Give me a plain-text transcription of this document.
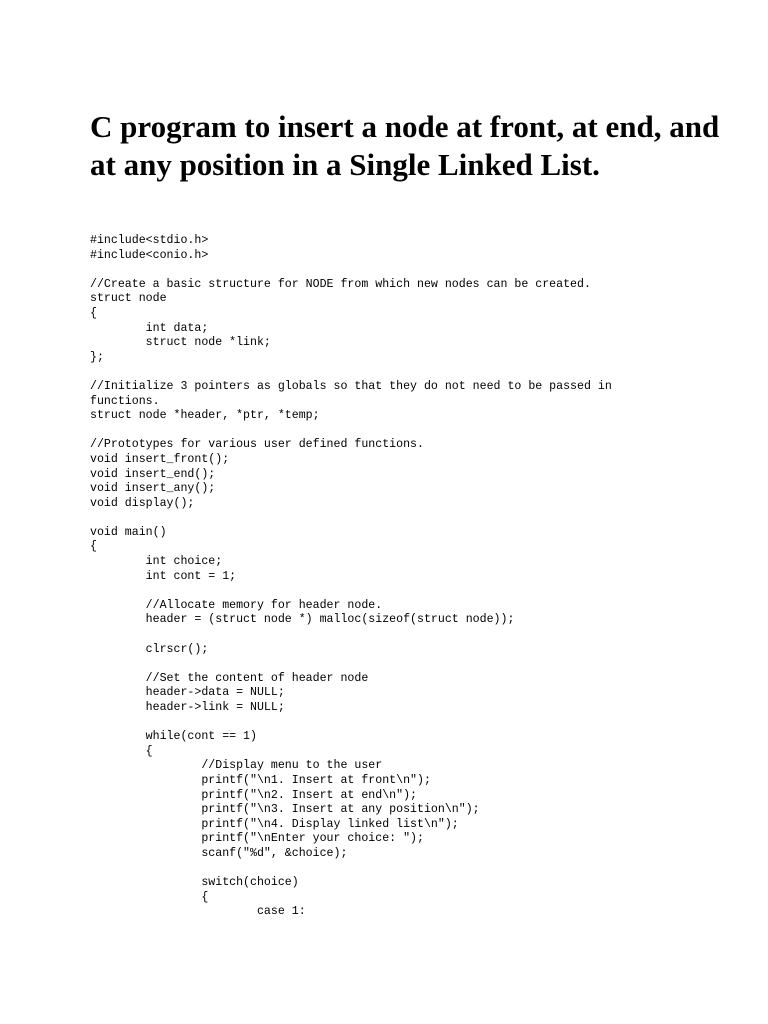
C program to insert a node at front, at end, and at any position in a Single Linked List.
#include<stdio.h>
#include<conio.h>
//Create a basic structure for NODE from which new nodes can be created.
struct node
{
int data;
struct node *link;
};
//Initialize 3 pointers as globals so that they do not need to be passed in
functions.
struct node *header, *ptr, *temp;
//Prototypes for various user defined functions.
void insert_front();
void insert_end();
void insert_any();
void display();
void main()
{
int choice;
int cont = 1;
//Allocate memory for header node.
header = (struct node *) malloc(sizeof(struct node));
clrscr();
//Set the content of header node
header->data = NULL;
header->link = NULL;
while(cont == 1)
{
//Display menu to the user
printf("\n1. Insert at front\n");
printf("\n2. Insert at end\n");
printf("\n3. Insert at any position\n");
printf("\n4. Display linked list\n");
printf("\nEnter your choice: ");
scanf("%d", &choice);
switch(choice)
{
case 1:
